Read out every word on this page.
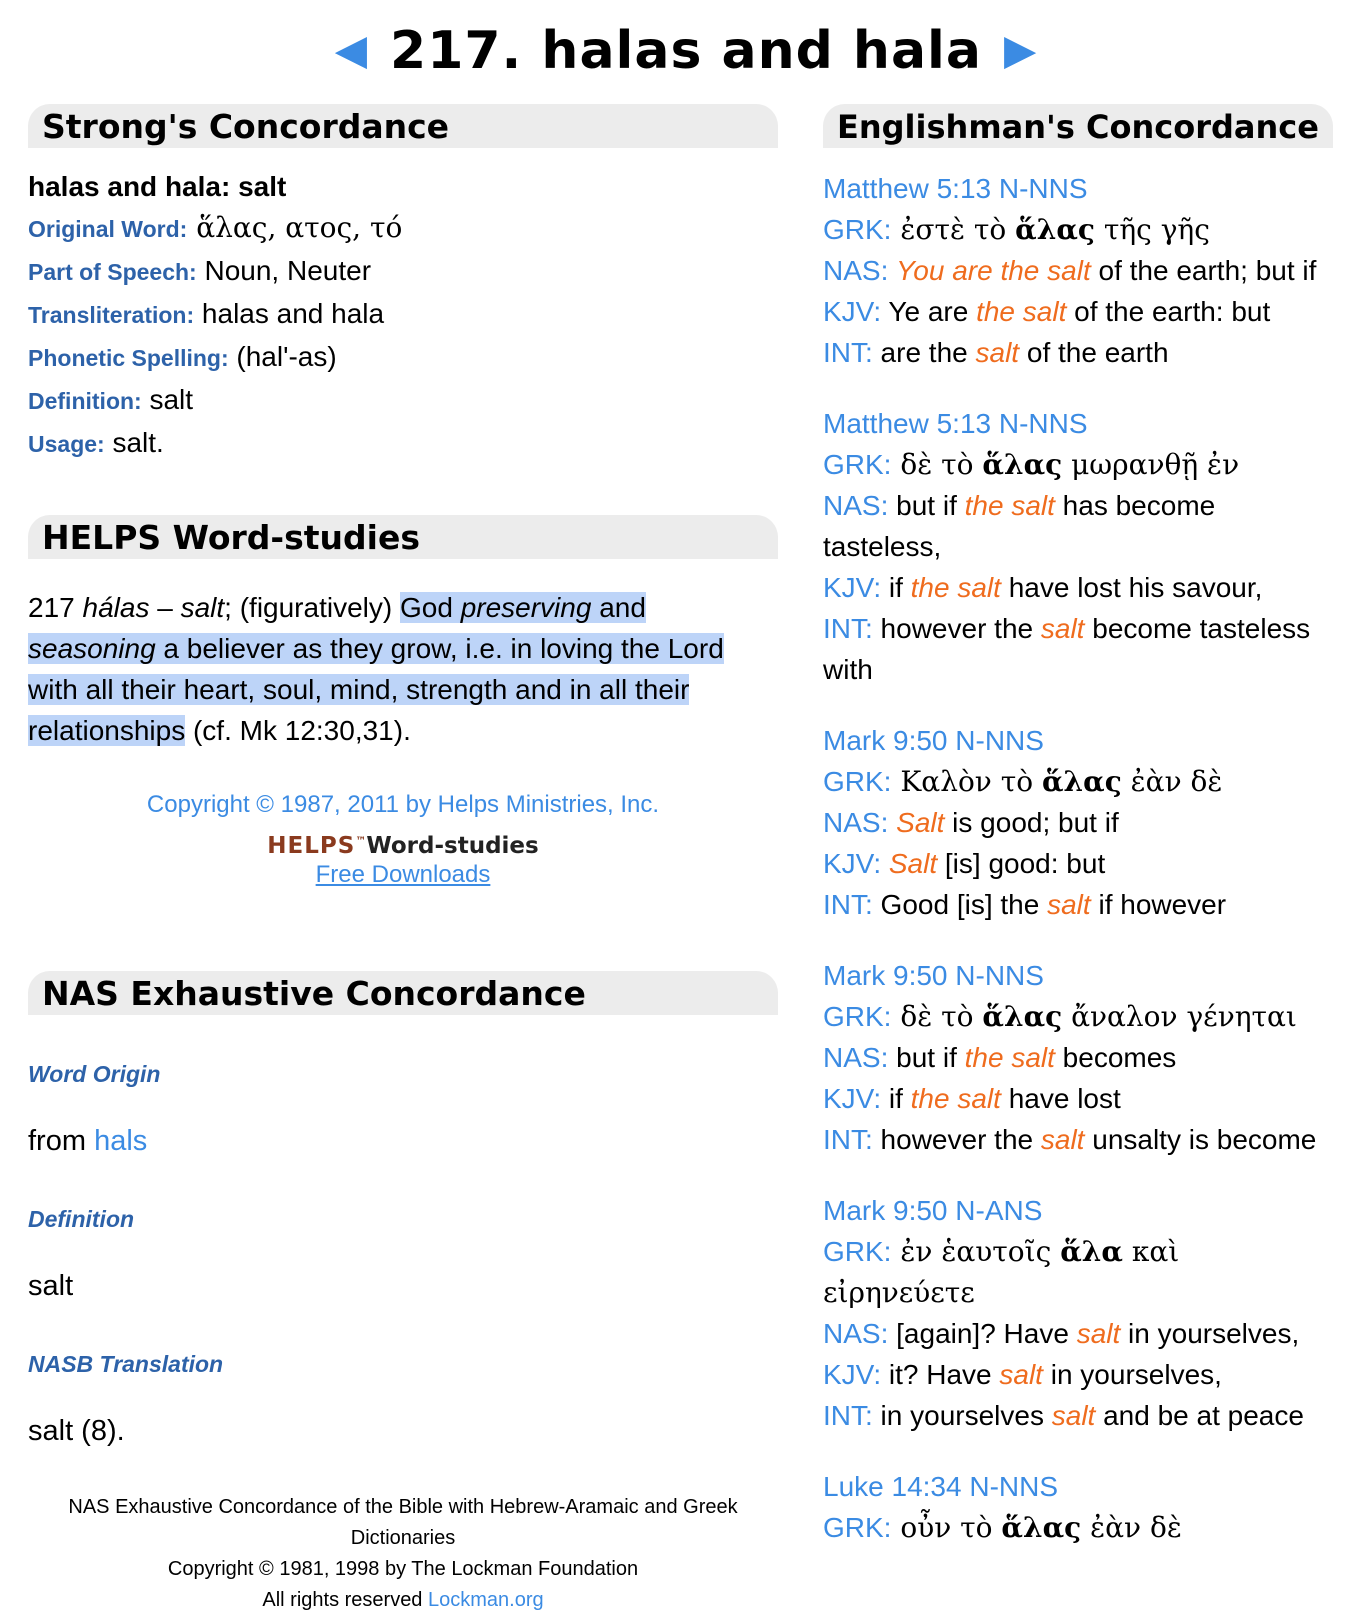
◀ 217. halas and hala ▶
Strong's Concordance
halas and hala: salt
Original Word: ἅλας, ατος, τό
Part of Speech: Noun, Neuter
Transliteration: halas and hala
Phonetic Spelling: (hal'-as)
Definition: salt
Usage: salt.
HELPS Word-studies
217 hálas – salt; (figuratively) God preserving and seasoning a believer as they grow, i.e. in loving the Lord with all their heart, soul, mind, strength and in all their relationships (cf. Mk 12:30,31).
Copyright © 1987, 2011 by Helps Ministries, Inc.
HELPS™Word-studies
Free Downloads
NAS Exhaustive Concordance
Word Origin
from hals
Definition
salt
NASB Translation
salt (8).
NAS Exhaustive Concordance of the Bible with Hebrew-Aramaic and Greek Dictionaries
Copyright © 1981, 1998 by The Lockman Foundation
All rights reserved Lockman.org
Englishman's Concordance
Matthew 5:13 N-NNS
GRK: ἐστὲ τὸ ἅλας τῆς γῆς
NAS: You are the salt of the earth; but if
KJV: Ye are the salt of the earth: but
INT: are the salt of the earth
Matthew 5:13 N-NNS
GRK: δὲ τὸ ἅλας μωρανθῇ ἐν
NAS: but if the salt has become tasteless,
KJV: if the salt have lost his savour,
INT: however the salt become tasteless with
Mark 9:50 N-NNS
GRK: Καλὸν τὸ ἅλας ἐὰν δὲ
NAS: Salt is good; but if
KJV: Salt [is] good: but
INT: Good [is] the salt if however
Mark 9:50 N-NNS
GRK: δὲ τὸ ἅλας ἄναλον γένηται
NAS: but if the salt becomes
KJV: if the salt have lost
INT: however the salt unsalty is become
Mark 9:50 N-ANS
GRK: ἐν ἑαυτοῖς ἅλα καὶ εἰρηνεύετε
NAS: [again]? Have salt in yourselves,
KJV: it? Have salt in yourselves,
INT: in yourselves salt and be at peace
Luke 14:34 N-NNS
GRK: οὖν τὸ ἅλας ἐὰν δὲ
